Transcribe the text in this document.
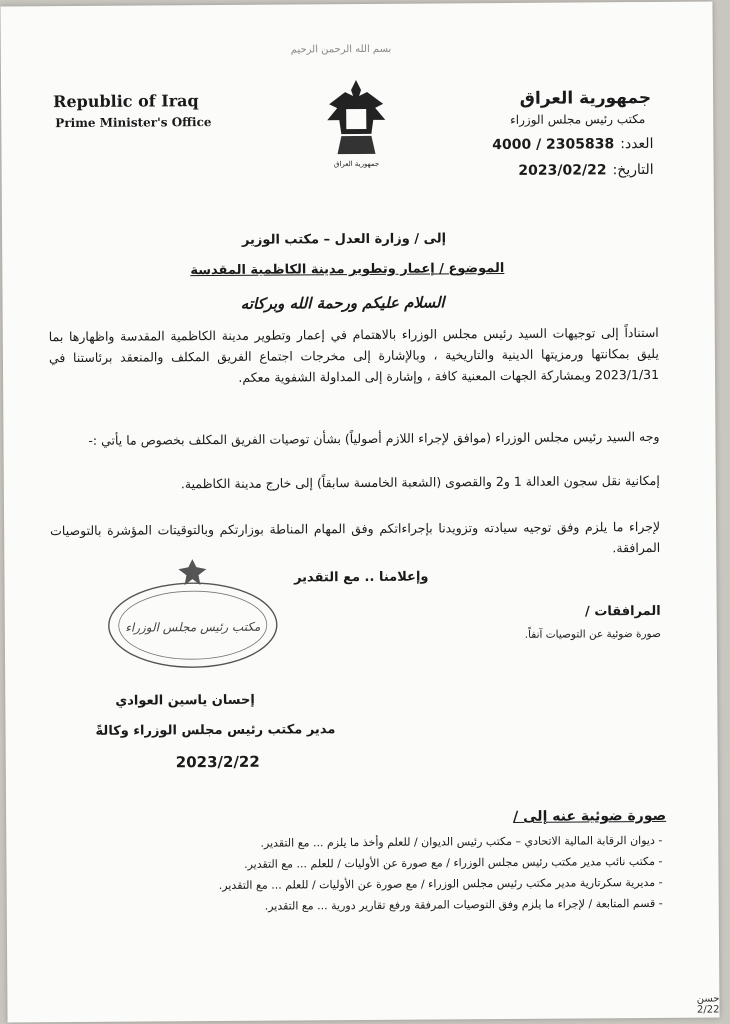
بسم الله الرحمن الرحيم
Republic of Iraq
Prime Minister's Office
جمهورية العراق
جمهورية العراق
مكتب رئيس مجلس الوزراء
العدد:4000 / 2305838
التاريخ:2023/02/22
إلى / وزارة العدل – مكتب الوزير
الموضوع / إعمار وتطوير مدينة الكاظمية المقدسة
السلام عليكم ورحمة الله وبركاته
استناداً إلى توجيهات السيد رئيس مجلس الوزراء بالاهتمام في إعمار وتطوير مدينة الكاظمية المقدسة واظهارها بما يليق بمكانتها ورمزيتها الدينية والتاريخية ، وبالإشارة إلى مخرجات اجتماع الفريق المكلف والمنعقد برئاستنا في 2023/1/31 وبمشاركة الجهات المعنية كافة ، وإشارة إلى المداولة الشفوية معكم.
وجه السيد رئيس مجلس الوزراء (موافق لإجراء اللازم أصولياً) بشأن توصيات الفريق المكلف بخصوص ما يأتي :-
إمكانية نقل سجون العدالة 1 و2 والقصوى (الشعبة الخامسة سابقاً) إلى خارج مدينة الكاظمية.
لإجراء ما يلزم وفق توجيه سيادته وتزويدنا بإجراءاتكم وفق المهام المناطة بوزارتكم وبالتوقيتات المؤشرة بالتوصيات المرافقة.
وإعلامنا .. مع التقدير
المرافقات /
صورة ضوئية عن التوصيات آنفاً.
مكتب رئيس مجلس الوزراء
إحسان ياسين العوادي
مدير مكتب رئيس مجلس الوزراء وكالةً
2023/2/22
صورة ضوئية عنه إلى /
- ديوان الرقابة المالية الاتحادي – مكتب رئيس الديوان / للعلم وأخذ ما يلزم ... مع التقدير.
- مكتب نائب مدير مكتب رئيس مجلس الوزراء / مع صورة عن الأوليات / للعلم ... مع التقدير.
- مديرية سكرتارية مدير مكتب رئيس مجلس الوزراء / مع صورة عن الأوليات / للعلم ... مع التقدير.
- قسم المتابعة / لإجراء ما يلزم وفق التوصيات المرفقة ورفع تقارير دورية ... مع التقدير.
حسن 2/22
